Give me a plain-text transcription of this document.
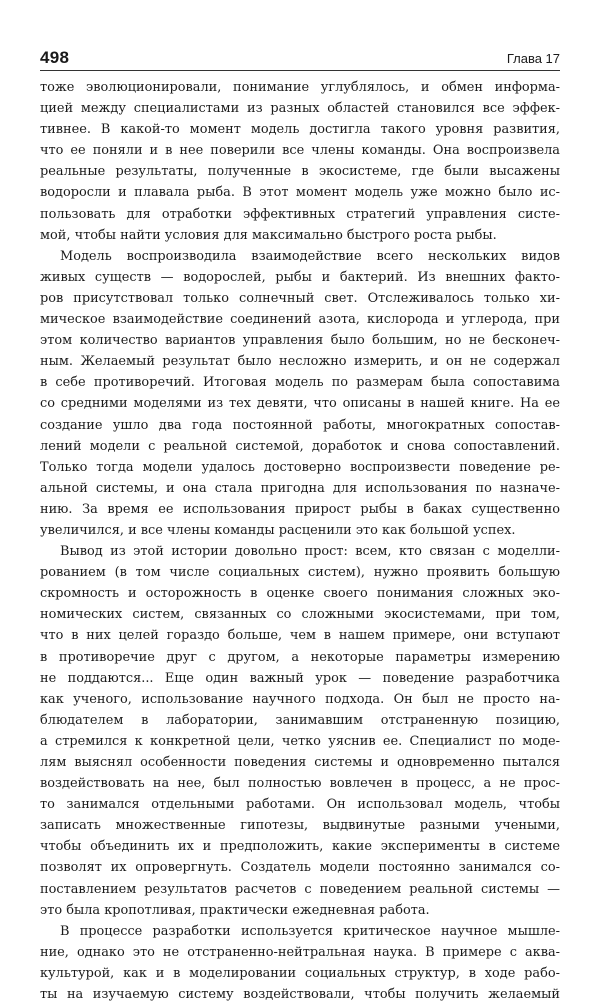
498	Глава 17
тоже эволюционировали, понимание углублялось, и обмен информа-
цией между специалистами из разных областей становился все эффек-
тивнее. В какой-то момент модель достигла такого уровня развития,
что ее поняли и в нее поверили все члены команды. Она воспроизвела
реальные результаты, полученные в экосистеме, где были высажены
водоросли и плавала рыба. В этот момент модель уже можно было ис-
пользовать для отработки эффективных стратегий управления систе-
мой, чтобы найти условия для максимально быстрого роста рыбы.
Модель воспроизводила взаимодействие всего нескольких видов
живых существ — водорослей, рыбы и бактерий. Из внешних факто-
ров присутствовал только солнечный свет. Отслеживалось только хи-
мическое взаимодействие соединений азота, кислорода и углерода, при
этом количество вариантов управления было большим, но не бесконеч-
ным. Желаемый результат было несложно измерить, и он не содержал
в себе противоречий. Итоговая модель по размерам была сопоставима
со средними моделями из тех девяти, что описаны в нашей книге. На ее
создание ушло два года постоянной работы, многократных сопостав-
лений модели с реальной системой, доработок и снова сопоставлений.
Только тогда модели удалось достоверно воспроизвести поведение ре-
альной системы, и она стала пригодна для использования по назначе-
нию. За время ее использования прирост рыбы в баках существенно
увеличился, и все члены команды расценили это как большой успех.
Вывод из этой истории довольно прост: всем, кто связан с моделли-
рованием (в том числе социальных систем), нужно проявить большую
скромность и осторожность в оценке своего понимания сложных эко-
номических систем, связанных со сложными экосистемами, при том,
что в них целей гораздо больше, чем в нашем примере, они вступают
в противоречие друг с другом, а некоторые параметры измерению
не поддаются... Еще один важный урок — поведение разработчика
как ученого, использование научного подхода. Он был не просто на-
блюдателем в лаборатории, занимавшим отстраненную позицию,
а стремился к конкретной цели, четко уяснив ее. Специалист по моде-
лям выяснял особенности поведения системы и одновременно пытался
воздействовать на нее, был полностью вовлечен в процесс, а не прос-
то занимался отдельными работами. Он использовал модель, чтобы
записать множественные гипотезы, выдвинутые разными учеными,
чтобы объединить их и предположить, какие эксперименты в системе
позволят их опровергнуть. Создатель модели постоянно занимался со-
поставлением результатов расчетов с поведением реальной системы —
это была кропотливая, практически ежедневная работа.
В процессе разработки используется критическое научное мышле-
ние, однако это не отстраненно-нейтральная наука. В примере с аква-
культурой, как и в моделировании социальных структур, в ходе рабо-
ты на изучаемую систему воздействовали, чтобы получить желаемый
